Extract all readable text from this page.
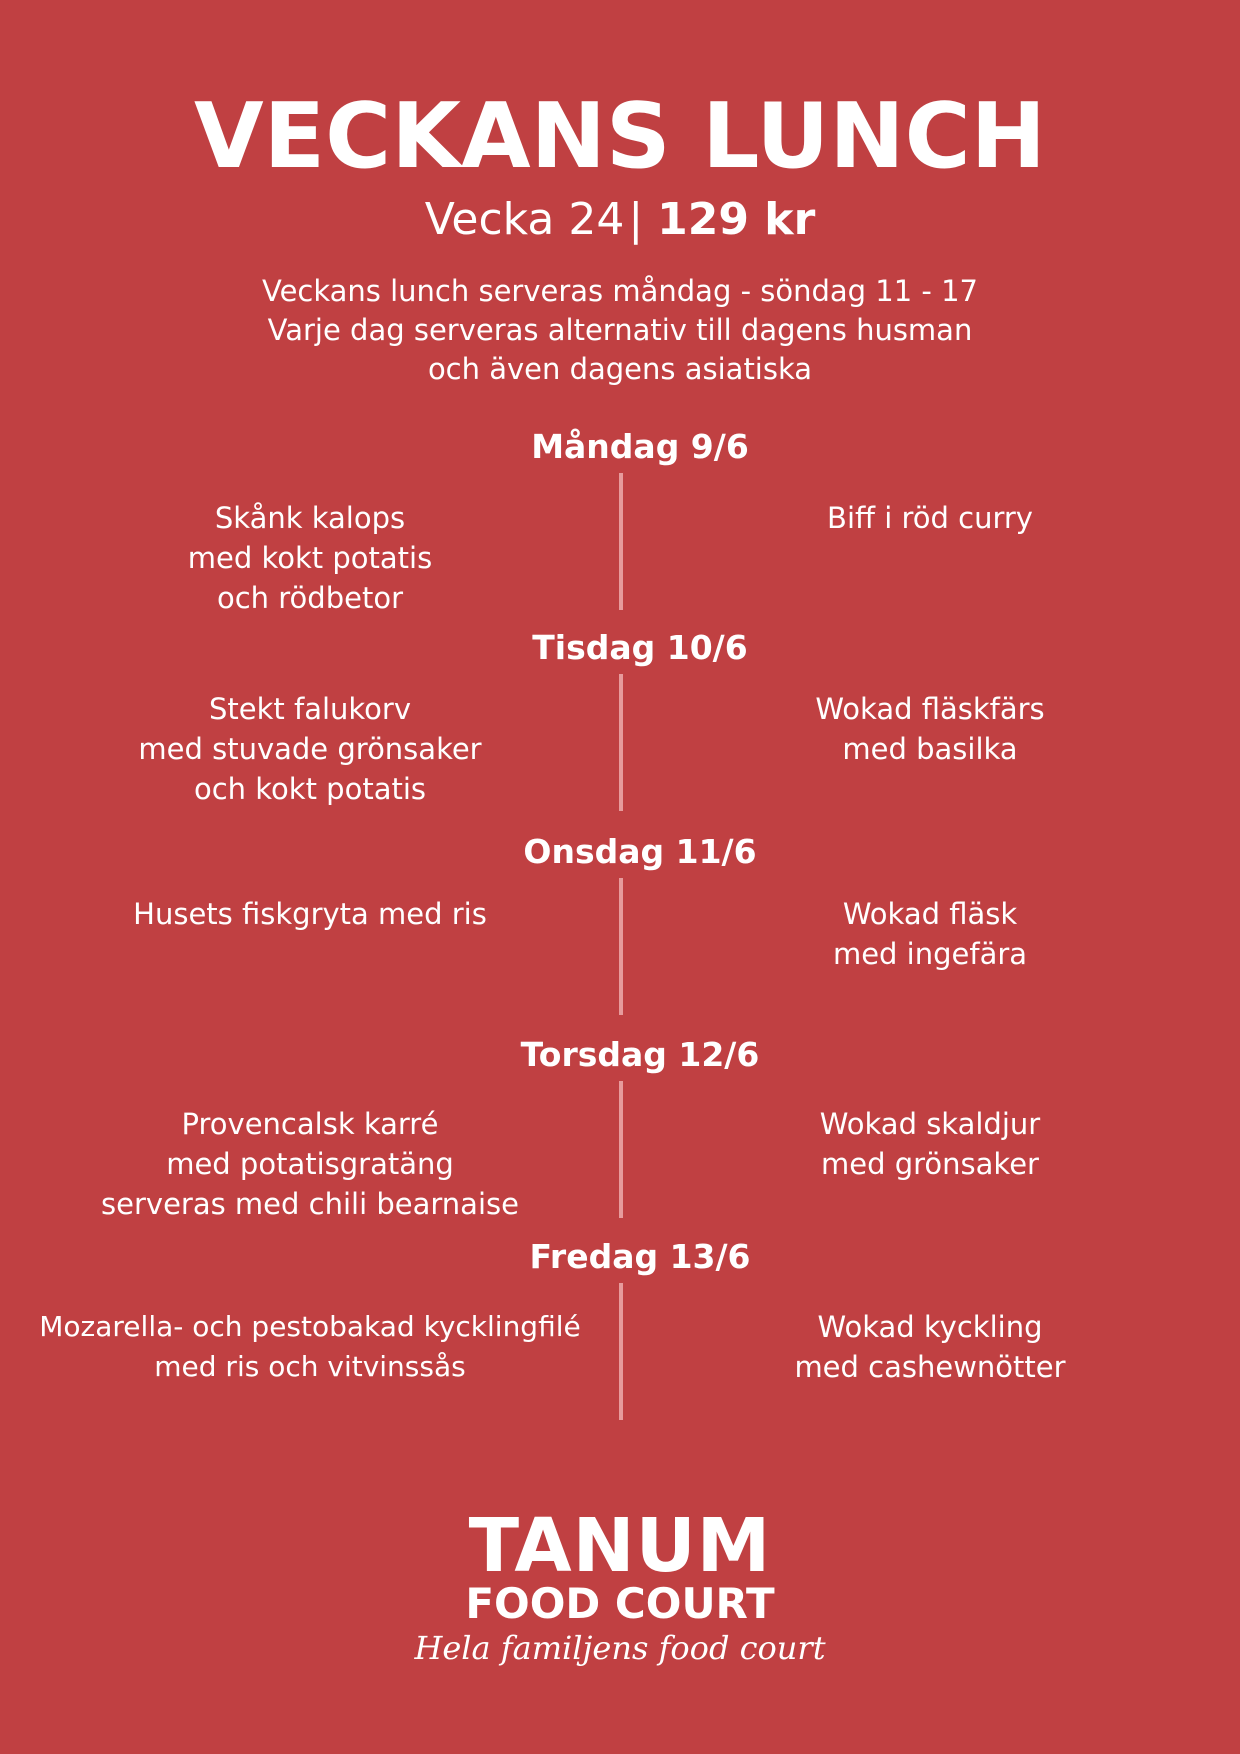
VECKANS LUNCH
Vecka 24| 129 kr
Veckans lunch serveras måndag - söndag 11 - 17
Varje dag serveras alternativ till dagens husman
och även dagens asiatiska
Måndag 9/6
Skånk kalops
med kokt potatis
och rödbetor
Biff i röd curry
Tisdag 10/6
Stekt falukorv
med stuvade grönsaker
och kokt potatis
Wokad fläskfärs
med basilka
Onsdag 11/6
Husets fiskgryta med ris	Wokad fläsk
med ingefära
Torsdag 12/6
Provencalsk karré
med potatisgratäng
serveras med chili bearnaise
Wokad skaldjur
med grönsaker
Fredag 13/6
Mozarella- och pestobakad kycklingfilé
med ris och vitvinssås
Wokad kyckling
med cashewnötter
TANUM
FOOD COURT
Hela familjens food court
